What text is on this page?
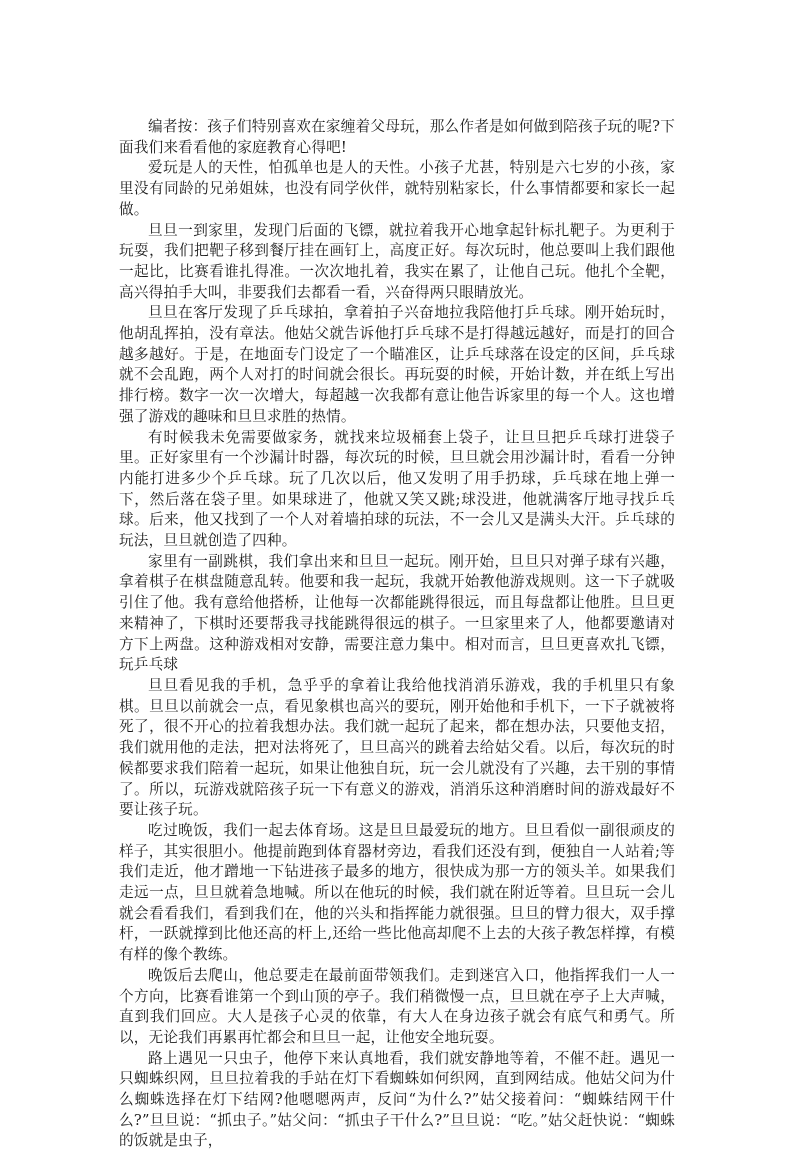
编者按：孩子们特别喜欢在家缠着父母玩，那么作者是如何做到陪孩子玩的呢?下面我们来看看他的家庭教育心得吧!

爱玩是人的天性，怕孤单也是人的天性。小孩子尤甚，特别是六七岁的小孩，家里没有同龄的兄弟姐妹，也没有同学伙伴，就特别粘家长，什么事情都要和家长一起做。

旦旦一到家里，发现门后面的飞镖，就拉着我开心地拿起针标扎靶子。为更利于玩耍，我们把靶子移到餐厅挂在画钉上，高度正好。每次玩时，他总要叫上我们跟他一起比，比赛看谁扎得准。一次次地扎着，我实在累了，让他自己玩。他扎个全靶，高兴得拍手大叫，非要我们去都看一看，兴奋得两只眼睛放光。

旦旦在客厅发现了乒乓球拍，拿着拍子兴奋地拉我陪他打乒乓球。刚开始玩时，他胡乱挥拍，没有章法。他姑父就告诉他打乒乓球不是打得越远越好，而是打的回合越多越好。于是，在地面专门设定了一个瞄准区，让乒乓球落在设定的区间，乒乓球就不会乱跑，两个人对打的时间就会很长。再玩耍的时候，开始计数，并在纸上写出排行榜。数字一次一次增大，每超越一次我都有意让他告诉家里的每一个人。这也增强了游戏的趣味和旦旦求胜的热情。

有时候我未免需要做家务，就找来垃圾桶套上袋子，让旦旦把乒乓球打进袋子里。正好家里有一个沙漏计时器，每次玩的时候，旦旦就会用沙漏计时，看看一分钟内能打进多少个乒乓球。玩了几次以后，他又发明了用手扔球，乒乓球在地上弹一下，然后落在袋子里。如果球进了，他就又笑又跳;球没进，他就满客厅地寻找乒乓球。后来，他又找到了一个人对着墙拍球的玩法，不一会儿又是满头大汗。乒乓球的玩法，旦旦就创造了四种。

家里有一副跳棋，我们拿出来和旦旦一起玩。刚开始，旦旦只对弹子球有兴趣，拿着棋子在棋盘随意乱转。他要和我一起玩，我就开始教他游戏规则。这一下子就吸引住了他。我有意给他搭桥，让他每一次都能跳得很远，而且每盘都让他胜。旦旦更来精神了，下棋时还要帮我寻找能跳得很远的棋子。一旦家里来了人，他都要邀请对方下上两盘。这种游戏相对安静，需要注意力集中。相对而言，旦旦更喜欢扎飞镖，玩乒乓球

旦旦看见我的手机，急乎乎的拿着让我给他找消消乐游戏，我的手机里只有象棋。旦旦以前就会一点，看见象棋也高兴的要玩，刚开始他和手机下，一下子就被将死了，很不开心的拉着我想办法。我们就一起玩了起来，都在想办法，只要他支招，我们就用他的走法，把对法将死了，旦旦高兴的跳着去给姑父看。以后，每次玩的时候都要求我们陪着一起玩，如果让他独自玩，玩一会儿就没有了兴趣，去干别的事情了。所以，玩游戏就陪孩子玩一下有意义的游戏，消消乐这种消磨时间的游戏最好不要让孩子玩。

吃过晚饭，我们一起去体育场。这是旦旦最爱玩的地方。旦旦看似一副很顽皮的样子，其实很胆小。他提前跑到体育器材旁边，看我们还没有到，便独自一人站着;等我们走近，他才蹭地一下钻进孩子最多的地方，很快成为那一方的领头羊。如果我们走远一点，旦旦就着急地喊。所以在他玩的时候，我们就在附近等着。旦旦玩一会儿就会看看我们，看到我们在，他的兴头和指挥能力就很强。旦旦的臂力很大，双手撑杆，一跃就撑到比他还高的杆上,还给一些比他高却爬不上去的大孩子教怎样撑，有模有样的像个教练。

晚饭后去爬山，他总要走在最前面带领我们。走到迷宫入口，他指挥我们一人一个方向，比赛看谁第一个到山顶的亭子。我们稍微慢一点，旦旦就在亭子上大声喊，直到我们回应。大人是孩子心灵的依靠，有大人在身边孩子就会有底气和勇气。所以，无论我们再累再忙都会和旦旦一起，让他安全地玩耍。

路上遇见一只虫子，他停下来认真地看，我们就安静地等着，不催不赶。遇见一只蜘蛛织网，旦旦拉着我的手站在灯下看蜘蛛如何织网，直到网结成。他姑父问为什么蜘蛛选择在灯下结网?他嗯嗯两声，反问“为什么?”姑父接着问：“蜘蛛结网干什么?”旦旦说：“抓虫子。”姑父问：“抓虫子干什么?”旦旦说：“吃。”姑父赶快说：“蜘蛛的饭就是虫子，
